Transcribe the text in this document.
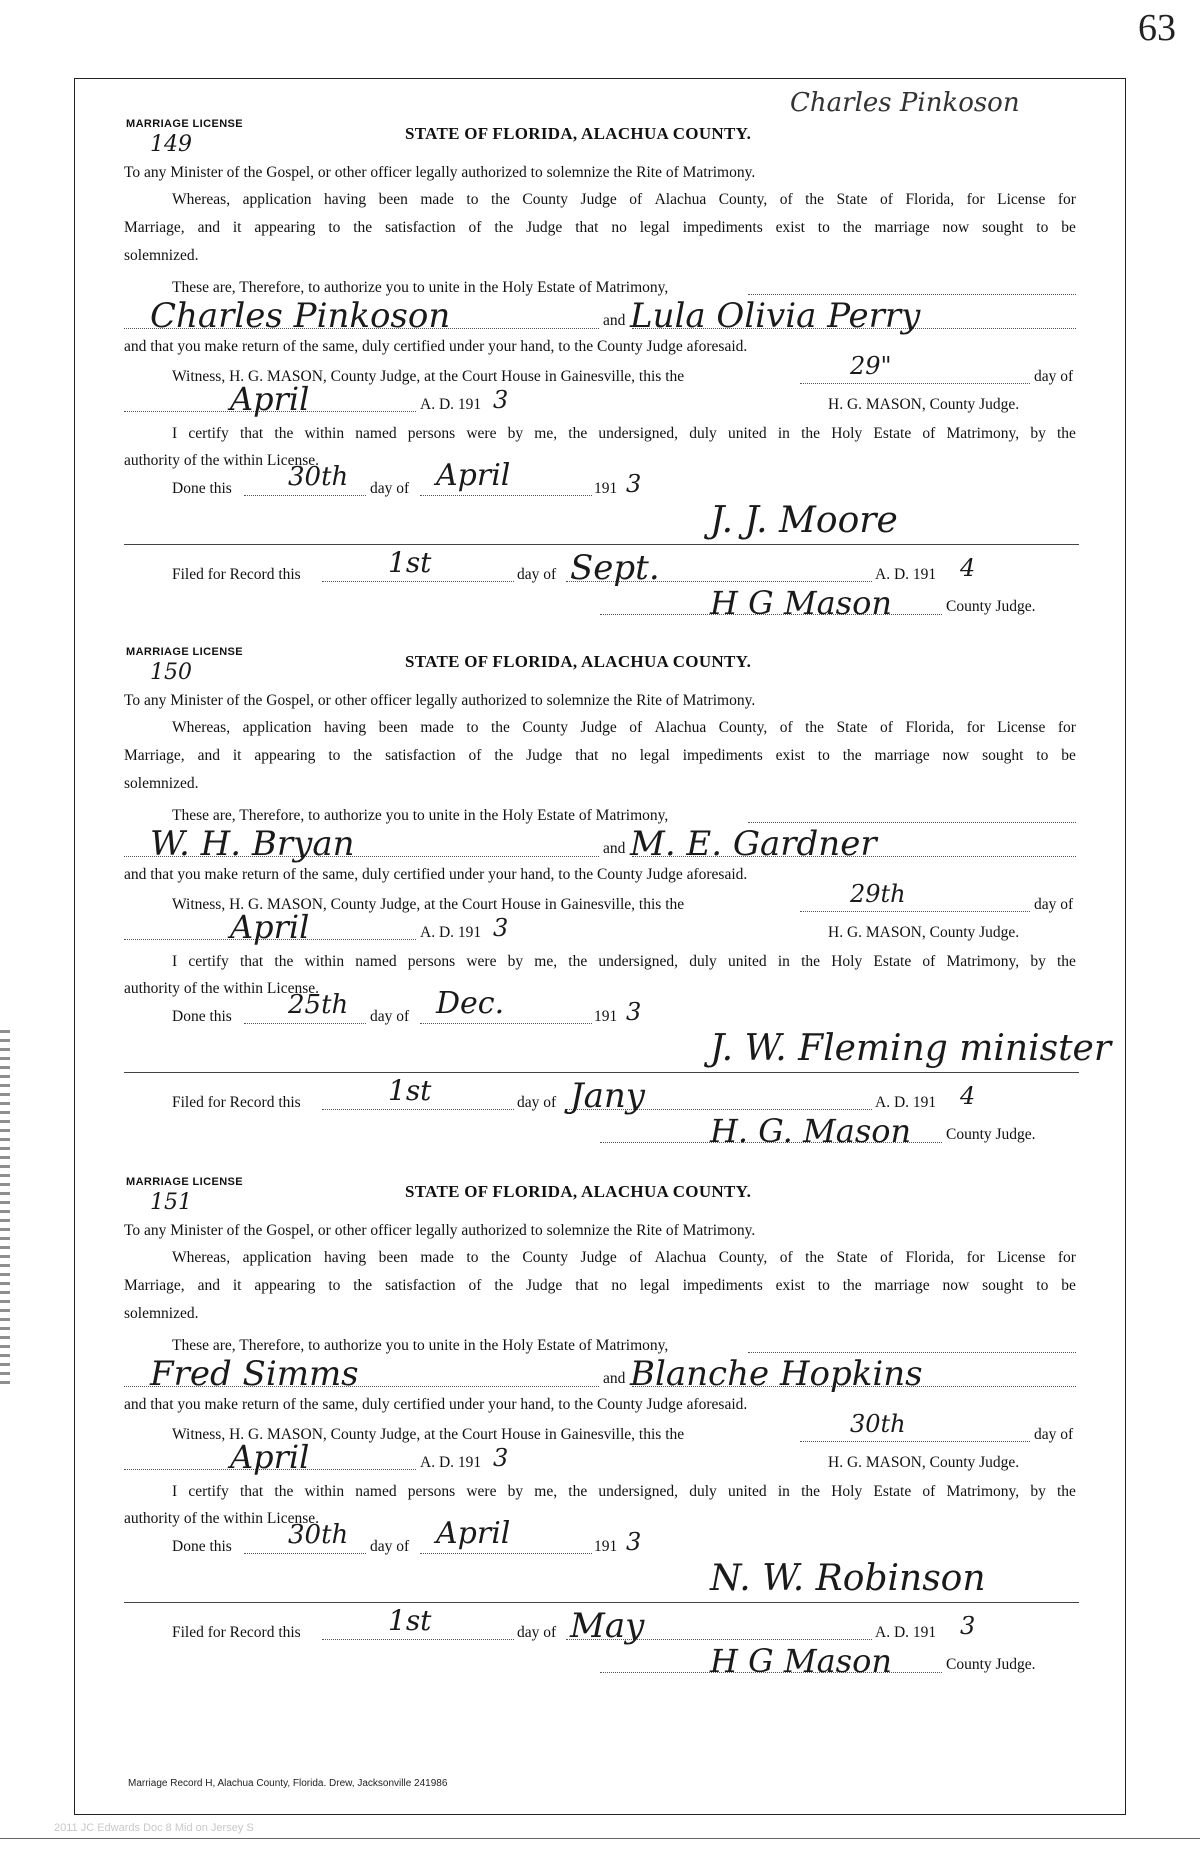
63
Charles Pinkoson
MARRIAGE LICENSE
149	STATE OF FLORIDA, ALACHUA COUNTY.
To any Minister of the Gospel, or other officer legally authorized to solemnize the Rite of Matrimony.
Whereas, application having been made to the County Judge of Alachua County, of the State of Florida, for License for
Marriage, and it appearing to the satisfaction of the Judge that no legal impediments exist to the marriage now sought to be
solemnized.
These are, Therefore, to authorize you to unite in the Holy Estate of Matrimony,
Charles Pinkoson	and Lula Olivia Perry
and that you make return of the same, duly certified under your hand, to the County Judge aforesaid.
Witness, H. G. MASON, County Judge, at the Court House in Gainesville, this the	29"	day of
April	A. D. 191 3	H. G. MASON, County Judge.
I certify that the within named persons were by me, the undersigned, duly united in the Holy Estate of Matrimony, by the
authority of the within License.
Done this 30th day of April	191 3
J. J. Moore
Filed for Record this	1st	day of Sept.	A. D. 191 4
H G Mason	County Judge.
MARRIAGE LICENSE
150	STATE OF FLORIDA, ALACHUA COUNTY.
To any Minister of the Gospel, or other officer legally authorized to solemnize the Rite of Matrimony.
Whereas, application having been made to the County Judge of Alachua County, of the State of Florida, for License for
Marriage, and it appearing to the satisfaction of the Judge that no legal impediments exist to the marriage now sought to be
solemnized.
These are, Therefore, to authorize you to unite in the Holy Estate of Matrimony,
W. H. Bryan	and M. E. Gardner
and that you make return of the same, duly certified under your hand, to the County Judge aforesaid.
Witness, H. G. MASON, County Judge, at the Court House in Gainesville, this the	29th	day of
April	A. D. 191 3	H. G. MASON, County Judge.
I certify that the within named persons were by me, the undersigned, duly united in the Holy Estate of Matrimony, by the
authority of the within License.
Done this 25th day of Dec.	191 3
J. W. Fleming minister
Filed for Record this	1st	day of Jany	A. D. 191 4
H. G. Mason County Judge.
MARRIAGE LICENSE
151	STATE OF FLORIDA, ALACHUA COUNTY.
To any Minister of the Gospel, or other officer legally authorized to solemnize the Rite of Matrimony.
Whereas, application having been made to the County Judge of Alachua County, of the State of Florida, for License for
Marriage, and it appearing to the satisfaction of the Judge that no legal impediments exist to the marriage now sought to be
solemnized.
These are, Therefore, to authorize you to unite in the Holy Estate of Matrimony,
Fred Simms	and Blanche Hopkins
and that you make return of the same, duly certified under your hand, to the County Judge aforesaid.
Witness, H. G. MASON, County Judge, at the Court House in Gainesville, this the	30th	day of
April	A. D. 191 3	H. G. MASON, County Judge.
I certify that the within named persons were by me, the undersigned, duly united in the Holy Estate of Matrimony, by the
authority of the within License.
Done this 30th day of April	191 3
N. W. Robinson
Filed for Record this	1st	day of May	A. D. 191 3
H G Mason	County Judge.
Marriage Record H, Alachua County, Florida. Drew, Jacksonville 241986
2011 JC Edwards Doc 8 Mid on Jersey S
